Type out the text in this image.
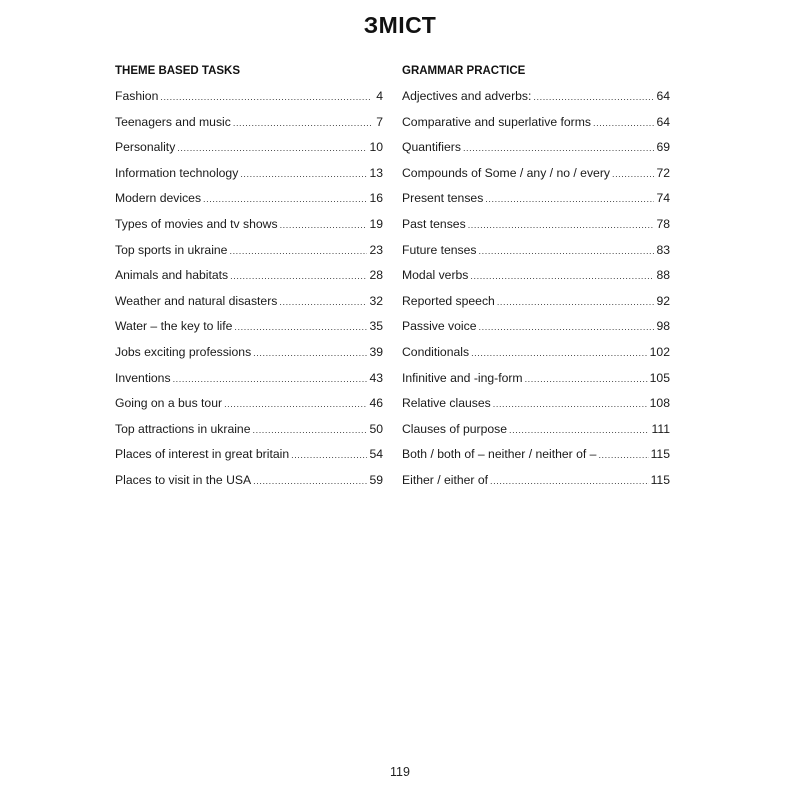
ЗМІСТ
THEME BASED TASKS
Fashion .....	4
Teenagers and music .....	7
Personality .....	10
Information technology .....	13
Modern devices .....	16
Types of movies and tv shows .....	19
Top sports in ukraine .....	23
Animals and habitats .....	28
Weather and natural disasters .....	32
Water – the key to life .....	35
Jobs exciting professions .....	39
Inventions .....	43
Going on a bus tour .....	46
Top attractions in ukraine .....	50
Places of interest in great britain .....	54
Places to visit in the USA .....	59
GRAMMAR PRACTICE
Adjectives and adverbs: .....	64
Comparative and superlative forms .....	64
Quantifiers .....	69
Compounds of Some / any / no / every .....	72
Present tenses .....	74
Past tenses .....	78
Future tenses .....	83
Modal verbs .....	88
Reported speech .....	92
Passive voice .....	98
Conditionals .....	102
Infinitive and -ing-form .....	105
Relative clauses .....	108
Clauses of purpose .....	111
Both / both of – neither / neither of – .....	115
Either / either of .....	115
119
